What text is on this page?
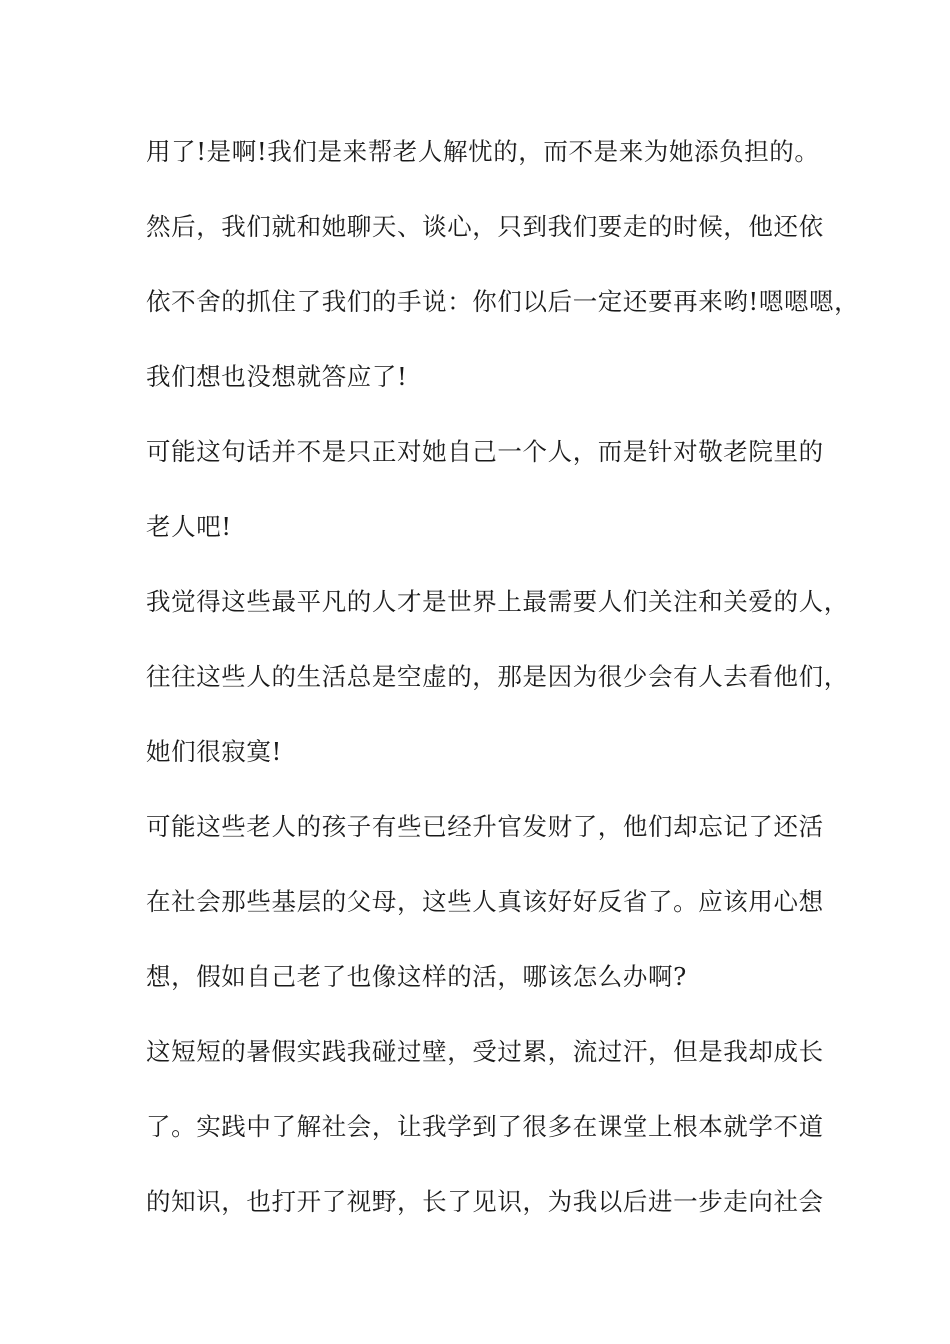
用了!是啊!我们是来帮老人解忧的，而不是来为她添负担的。
然后，我们就和她聊天、谈心，只到我们要走的时候，他还依
依不舍的抓住了我们的手说：你们以后一定还要再来哟!嗯嗯嗯，
我们想也没想就答应了!
可能这句话并不是只正对她自己一个人，而是针对敬老院里的
老人吧!
我觉得这些最平凡的人才是世界上最需要人们关注和关爱的人，
往往这些人的生活总是空虚的，那是因为很少会有人去看他们，
她们很寂寞!
可能这些老人的孩子有些已经升官发财了，他们却忘记了还活
在社会那些基层的父母，这些人真该好好反省了。应该用心想
想，假如自己老了也像这样的活，哪该怎么办啊?
这短短的暑假实践我碰过壁，受过累，流过汗，但是我却成长
了。实践中了解社会，让我学到了很多在课堂上根本就学不道
的知识，也打开了视野，长了见识，为我以后进一步走向社会
